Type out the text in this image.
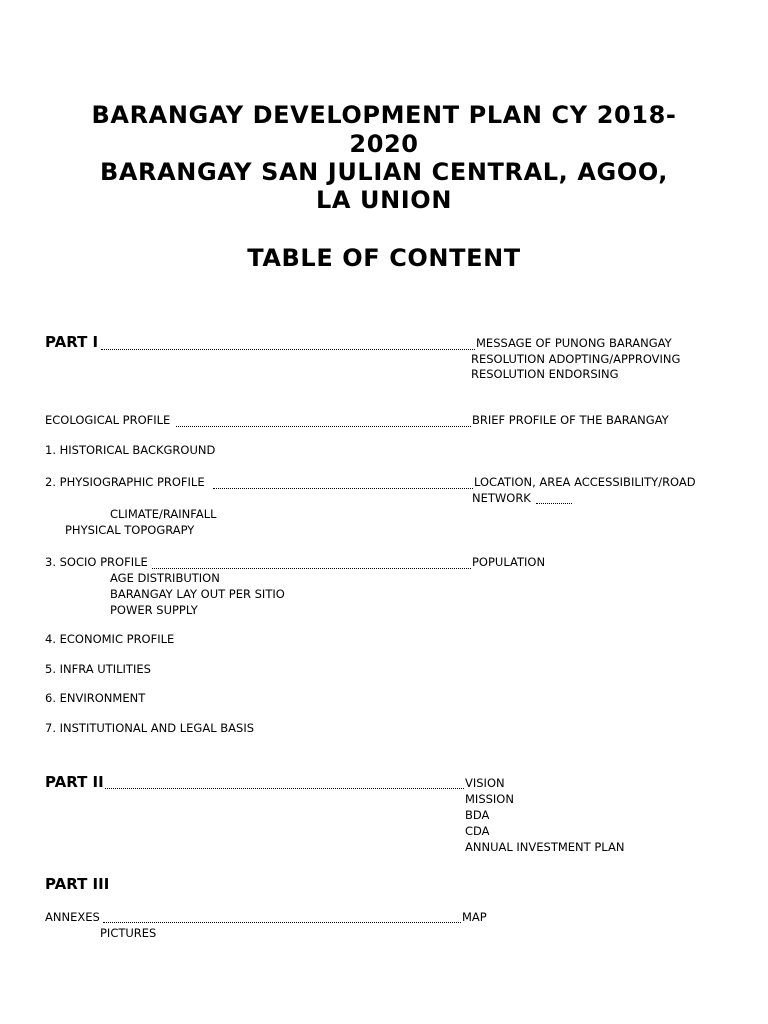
BARANGAY DEVELOPMENT PLAN CY 2018-
2020
BARANGAY SAN JULIAN CENTRAL, AGOO,
LA UNION
TABLE OF CONTENT
PART I	MESSAGE OF PUNONG BARANGAY
RESOLUTION ADOPTING/APPROVING
RESOLUTION ENDORSING
ECOLOGICAL PROFILE	BRIEF PROFILE OF THE BARANGAY
1. HISTORICAL BACKGROUND
2. PHYSIOGRAPHIC PROFILE	LOCATION, AREA ACCESSIBILITY/ROAD
NETWORK
CLIMATE/RAINFALL
PHYSICAL TOPOGRAPY
3. SOCIO PROFILE	POPULATION
AGE DISTRIBUTION
BARANGAY LAY OUT PER SITIO
POWER SUPPLY
4. ECONOMIC PROFILE
5. INFRA UTILITIES
6. ENVIRONMENT
7. INSTITUTIONAL AND LEGAL BASIS
PART II	VISION
MISSION
BDA
CDA
ANNUAL INVESTMENT PLAN
PART III
ANNEXES	MAP
PICTURES
